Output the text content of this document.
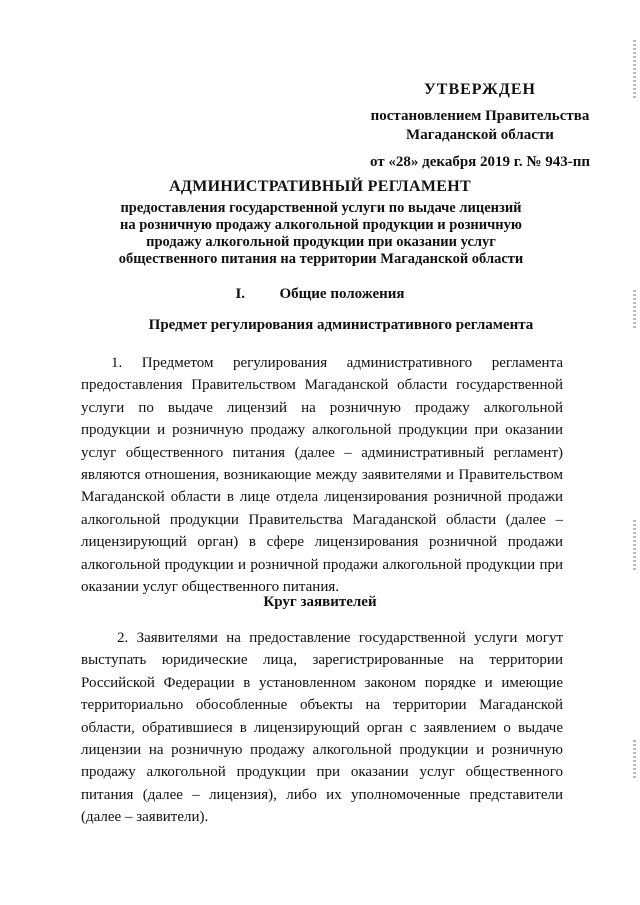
УТВЕРЖДЕН
постановлением Правительства
Магаданской области
от «28» декабря 2019 г. № 943-пп
АДМИНИСТРАТИВНЫЙ РЕГЛАМЕНТ
предоставления государственной услуги по выдаче лицензий
на розничную продажу алкогольной продукции и розничную
продажу алкогольной продукции при оказании услуг
общественного питания на территории Магаданской области
I. Общие положения
Предмет регулирования административного регламента
1. Предметом регулирования административного регламента предоставления Правительством Магаданской области государственной услуги по выдаче лицензий на розничную продажу алкогольной продукции и розничную продажу алкогольной продукции при оказании услуг общественного питания (далее – административный регламент) являются отношения, возникающие между заявителями и Правительством Магаданской области в лице отдела лицензирования розничной продажи алкогольной продукции Правительства Магаданской области (далее – лицензирующий орган) в сфере лицензирования розничной продажи алкогольной продукции и розничной продажи алкогольной продукции при оказании услуг общественного питания.
Круг заявителей
2. Заявителями на предоставление государственной услуги могут выступать юридические лица, зарегистрированные на территории Российской Федерации в установленном законом порядке и имеющие территориально обособленные объекты на территории Магаданской области, обратившиеся в лицензирующий орган с заявлением о выдаче лицензии на розничную продажу алкогольной продукции и розничную продажу алкогольной продукции при оказании услуг общественного питания (далее – лицензия), либо их уполномоченные представители (далее – заявители).
